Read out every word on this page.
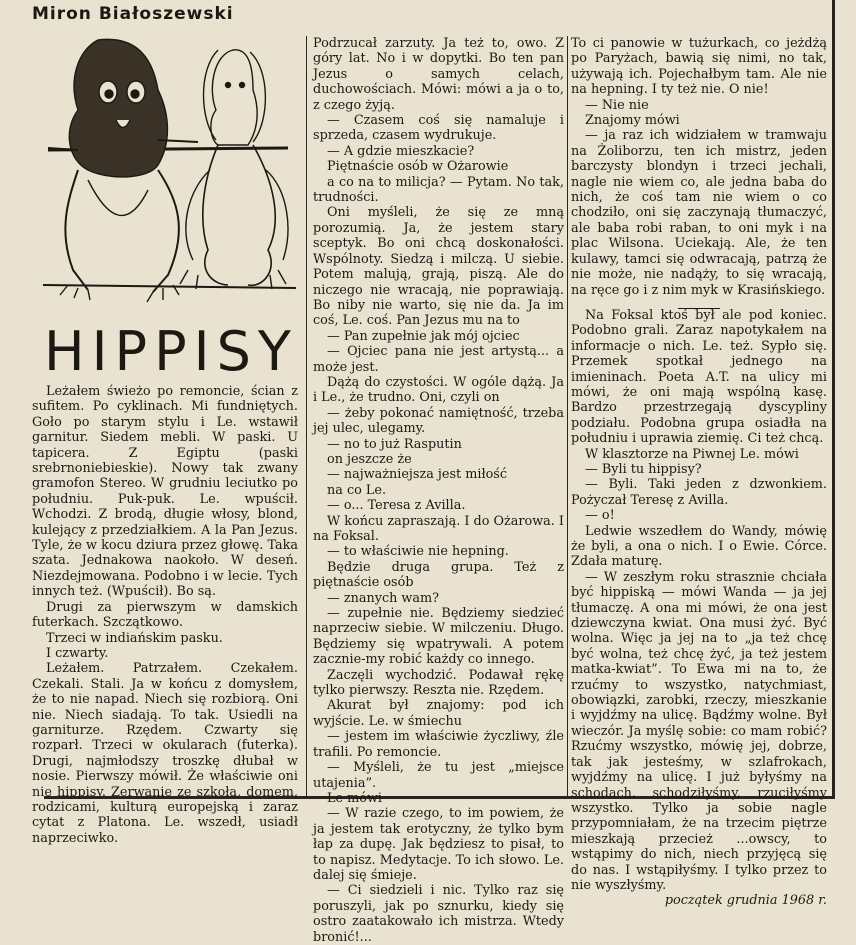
Miron Białoszewski
HIPPISY

Leżałem świeżo po remoncie, ścian z sufitem. Po cyklinach. Mi fundniętych. Goło po starym stylu i Le. wstawił garnitur. Siedem mebli. W paski. U tapicera. Z Egiptu (paski srebrnoniebieskie). Nowy tak zwany gramofon Stereo. W grudniu leciutko po południu. Puk-puk. Le. wpuścił. Wchodzi. Z brodą, długie włosy, blond, kulejący z przedziałkiem. A la Pan Jezus. Tyle, że w kocu dziura przez głowę. Taka szata. Jednakowa naokoło. W deseń. Niezdejmowana. Podobno i w lecie. Tych innych też. (Wpuścił). Bo są.

Drugi za pierwszym w damskich futerkach. Szczątkowo.

Trzeci w indiańskim pasku.

I czwarty.

Leżałem. Patrzałem. Czekałem. Czekali. Stali. Ja w końcu z domysłem, że to nie napad. Niech się rozbiorą. Oni nie. Niech siadają. To tak. Usiedli na garniturze. Rzędem. Czwarty się rozparł. Trzeci w okularach (futerka). Drugi, najmłodszy troszkę dłubał w nosie. Pierwszy mówił. Że właściwie oni nie hippisy. Zerwanie ze szkołą, domem, rodzicami, kulturą europejską i zaraz cytat z Platona. Le. wszedł, usiadł naprzeciwko.

Podrzucał zarzuty. Ja też to, owo. Z góry lat. No i w dopytki. Bo ten pan Jezus o samych celach, duchowościach. Mówi: mówi a ja o to, z czego żyją.

— Czasem coś się namaluje i sprzeda, czasem wydrukuje.

— A gdzie mieszkacie?

Piętnaście osób w Ożarowie

a co na to milicja? — Pytam. No tak, trudności.

Oni myśleli, że się ze mną porozumią. Ja, że jestem stary sceptyk. Bo oni chcą doskonałości. Wspólnoty. Siedzą i milczą. U siebie. Potem malują, grają, piszą. Ale do niczego nie wracają, nie poprawiają. Bo niby nie warto, się nie da. Ja im coś, Le. coś. Pan Jezus mu na to

— Pan zupełnie jak mój ojciec

— Ojciec pana nie jest artystą... a może jest.

Dążą do czystości. W ogóle dążą. Ja i Le., że trudno. Oni, czyli on

— żeby pokonać namiętność, trzeba jej ulec, ulegamy.

— no to już Rasputin

on jeszcze że

— najważniejsza jest miłość

na co Le.

— o... Teresa z Avilla.

W końcu zapraszają. I do Ożarowa. I na Foksal.

— to właściwie nie hepning.

Będzie druga grupa. Też z piętnaście osób

— znanych wam?

— zupełnie nie. Będziemy siedzieć naprzeciw siebie. W milczeniu. Długo. Będziemy się wpatrywali. A potem zacznie-my robić każdy co innego.

Zaczęli wychodzić. Podawał rękę tylko pierwszy. Reszta nie. Rzędem.

Akurat był znajomy: pod ich wyjście. Le. w śmiechu

— jestem im właściwie życzliwy, źle trafili. Po remoncie.

— Myśleli, że tu jest „miejsce utajenia”.

Le mówi

— W razie czego, to im powiem, że ja jestem tak erotyczny, że tylko bym łap za dupę. Jak będziesz to pisał, to to napisz. Medytacje. To ich słowo. Le. dalej się śmieje.

— Ci siedzieli i nic. Tylko raz się poruszyli, jak po sznurku, kiedy się ostro zaatakowało ich mistrza. Wtedy bronić!...

To ci panowie w tużurkach, co jeżdżą po Paryżach, bawią się nimi, no tak, używają ich. Pojechałbym tam. Ale nie na hepning. I ty też nie. O nie!

— Nie nie

Znajomy mówi

— ja raz ich widziałem w tramwaju na Żoliborzu, ten ich mistrz, jeden barczysty blondyn i trzeci jechali, nagle nie wiem co, ale jedna baba do nich, że coś tam nie wiem o co chodziło, oni się zaczynają tłumaczyć, ale baba robi raban, to oni myk i na plac Wilsona. Uciekają. Ale, że ten kulawy, tamci się odwracają, patrzą że nie może, nie nadąży, to się wracają, na ręce go i z nim myk w Krasińskiego.

Na Foksal ktoś był ale pod koniec. Podobno grali. Zaraz napotykałem na informacje o nich. Le. też. Sypło się. Przemek spotkał jednego na imieninach. Poeta A.T. na ulicy mi mówi, że oni mają wspólną kasę. Bardzo przestrzegają dyscypliny podziału. Podobna grupa osiadła na południu i uprawia ziemię. Ci też chcą.

W klasztorze na Piwnej Le. mówi

— Byli tu hippisy?

— Byli. Taki jeden z dzwonkiem. Pożyczał Teresę z Avilla.

— o!

Ledwie wszedłem do Wandy, mówię że byli, a ona o nich. I o Ewie. Córce. Zdała maturę.

— W zeszłym roku strasznie chciała być hippiską — mówi Wanda — ja jej tłumaczę. A ona mi mówi, że ona jest dziewczyna kwiat. Ona musi żyć. Być wolna. Więc ja jej na to „ja też chcę być wolna, też chcę żyć, ja też jestem matka-kwiat”. To Ewa mi na to, że rzućmy to wszystko, natychmiast, obowiązki, zarobki, rzeczy, mieszkanie i wyjdźmy na ulicę. Bądźmy wolne. Był wieczór. Ja myślę sobie: co mam robić? Rzućmy wszystko, mówię jej, dobrze, tak jak jesteśmy, w szlafrokach, wyjdźmy na ulicę. I już byłyśmy na schodach, schodziłyśmy, rzuciłyśmy wszystko. Tylko ja sobie nagle przypomniałam, że na trzecim piętrze mieszkają przecież ...owscy, to wstąpimy do nich, niech przyjęcą się do nas. I wstąpiłyśmy. I tylko przez to nie wyszłyśmy.

początek grudnia 1968 r.
